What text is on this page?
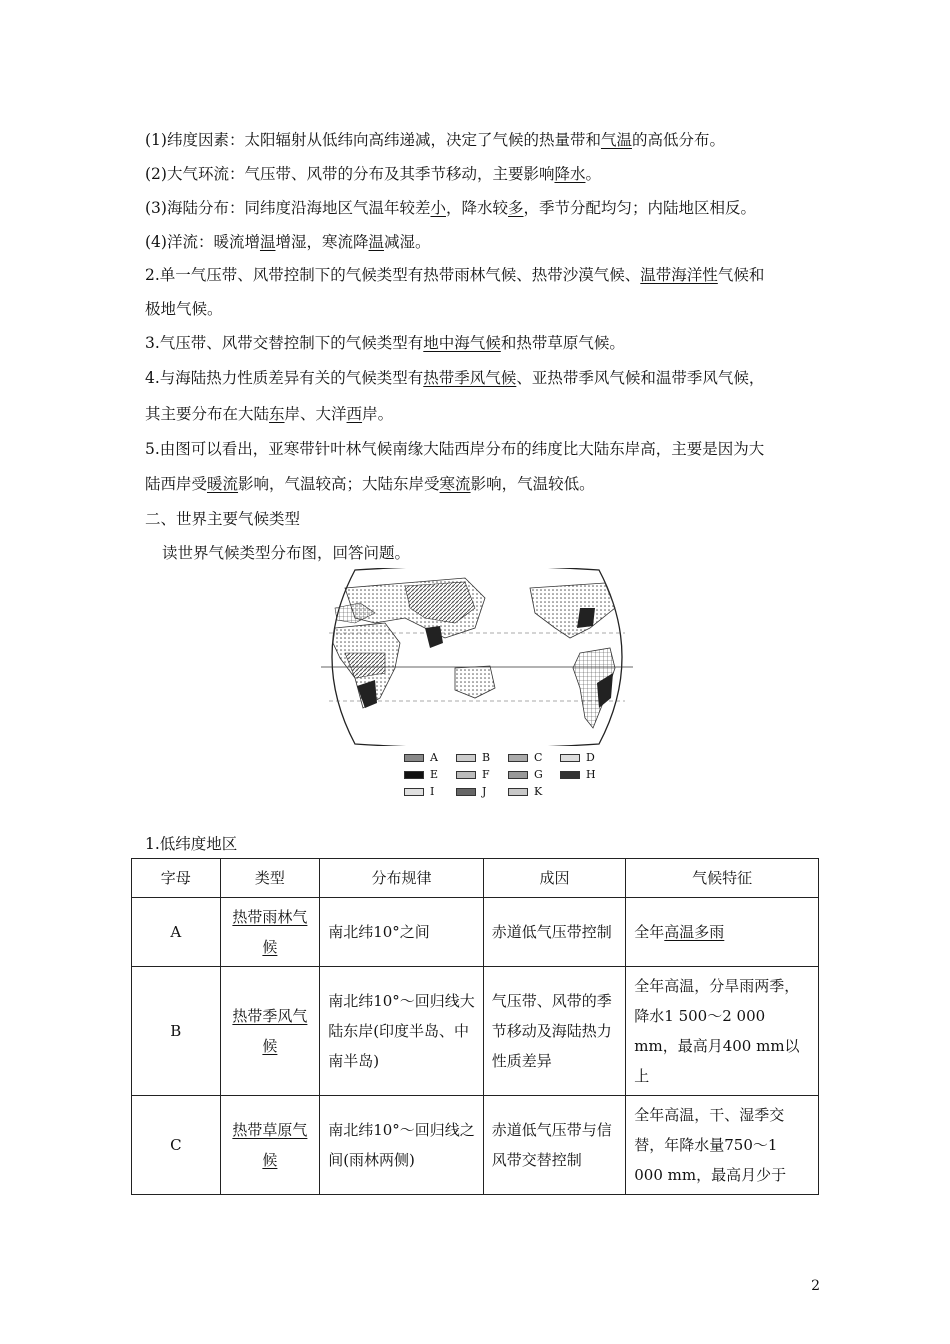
(1)纬度因素：太阳辐射从低纬向高纬递减，决定了气候的热量带和气温的高低分布。
(2)大气环流：气压带、风带的分布及其季节移动，主要影响降水。
(3)海陆分布：同纬度沿海地区气温年较差小，降水较多，季节分配均匀；内陆地区相反。
(4)洋流：暖流增温增湿，寒流降温减湿。
2.单一气压带、风带控制下的气候类型有热带雨林气候、热带沙漠气候、温带海洋性气候和
极地气候。
3.气压带、风带交替控制下的气候类型有地中海气候和热带草原气候。
4.与海陆热力性质差异有关的气候类型有热带季风气候、亚热带季风气候和温带季风气候，
其主要分布在大陆东岸、大洋西岸。
5.由图可以看出，亚寒带针叶林气候南缘大陆西岸分布的纬度比大陆东岸高，主要是因为大
陆西岸受暖流影响，气温较高；大陆东岸受寒流影响，气温较低。
二、世界主要气候类型
读世界气候类型分布图，回答问题。
A	B	C	D
E	F	G	H
I	J	K
1.低纬度地区
字母	类型	分布规律	成因	气候特征
A	热带雨林气候	南北纬10°之间	赤道低气压带控制	全年高温多雨
B	热带季风气候	南北纬10°～回归线大陆东岸(印度半岛、中南半岛)	气压带、风带的季节移动及海陆热力性质差异	全年高温，分旱雨两季，降水1 500～2 000 mm，最高月400 mm以上
C	热带草原气候	南北纬10°～回归线之间(雨林两侧)	赤道低气压带与信风带交替控制	全年高温，干、湿季交替，年降水量750～1 000 mm，最高月少于
2
